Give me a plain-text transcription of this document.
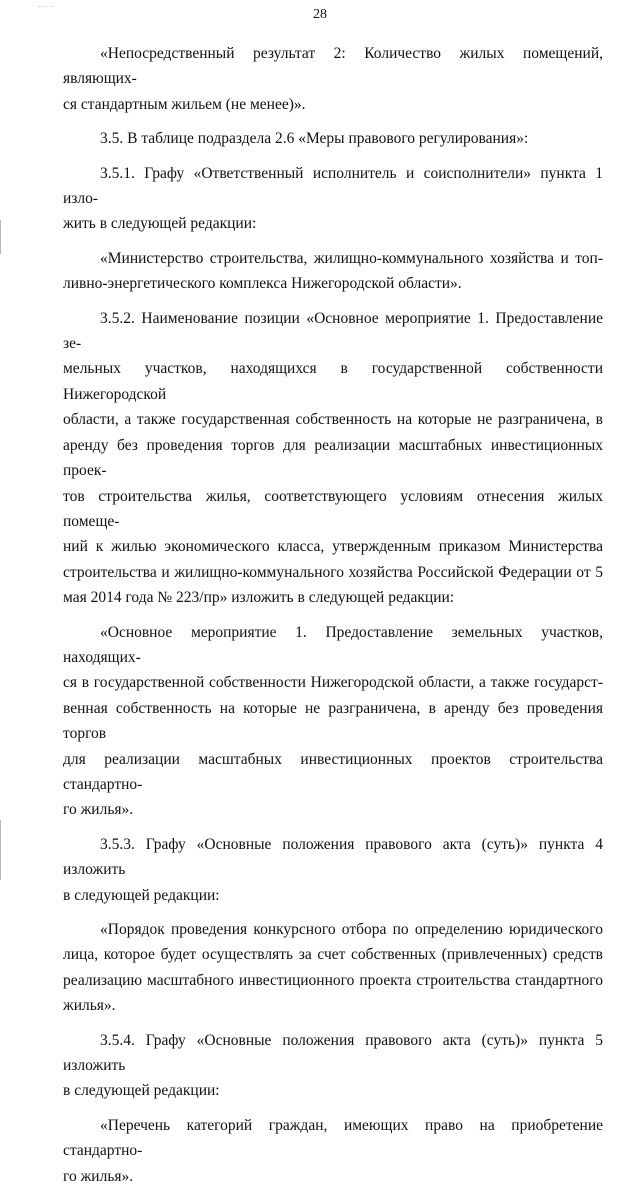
28
«Непосредственный результат 2: Количество жилых помещений, являющих-
ся стандартным жильем (не менее)».
3.5. В таблице подраздела 2.6 «Меры правового регулирования»:
3.5.1. Графу «Ответственный исполнитель и соисполнители» пункта 1 изло-
жить в следующей редакции:
«Министерство строительства, жилищно-коммунального хозяйства и топ-
ливно-энергетического комплекса Нижегородской области».
3.5.2. Наименование позиции «Основное мероприятие 1. Предоставление зе-
мельных участков, находящихся в государственной собственности Нижегородской
области, а также государственная собственность на которые не разграничена, в
аренду без проведения торгов для реализации масштабных инвестиционных проек-
тов строительства жилья, соответствующего условиям отнесения жилых помеще-
ний к жилью экономического класса, утвержденным приказом Министерства
строительства и жилищно-коммунального хозяйства Российской Федерации от 5
мая 2014 года № 223/пр» изложить в следующей редакции:
«Основное мероприятие 1. Предоставление земельных участков, находящих-
ся в государственной собственности Нижегородской области, а также государст-
венная собственность на которые не разграничена, в аренду без проведения торгов
для реализации масштабных инвестиционных проектов строительства стандартно-
го жилья».
3.5.3. Графу «Основные положения правового акта (суть)» пункта 4 изложить
в следующей редакции:
«Порядок проведения конкурсного отбора по определению юридического
лица, которое будет осуществлять за счет собственных (привлеченных) средств
реализацию масштабного инвестиционного проекта строительства стандартного
жилья».
3.5.4. Графу «Основные положения правового акта (суть)» пункта 5 изложить
в следующей редакции:
«Перечень категорий граждан, имеющих право на приобретение стандартно-
го жилья».
